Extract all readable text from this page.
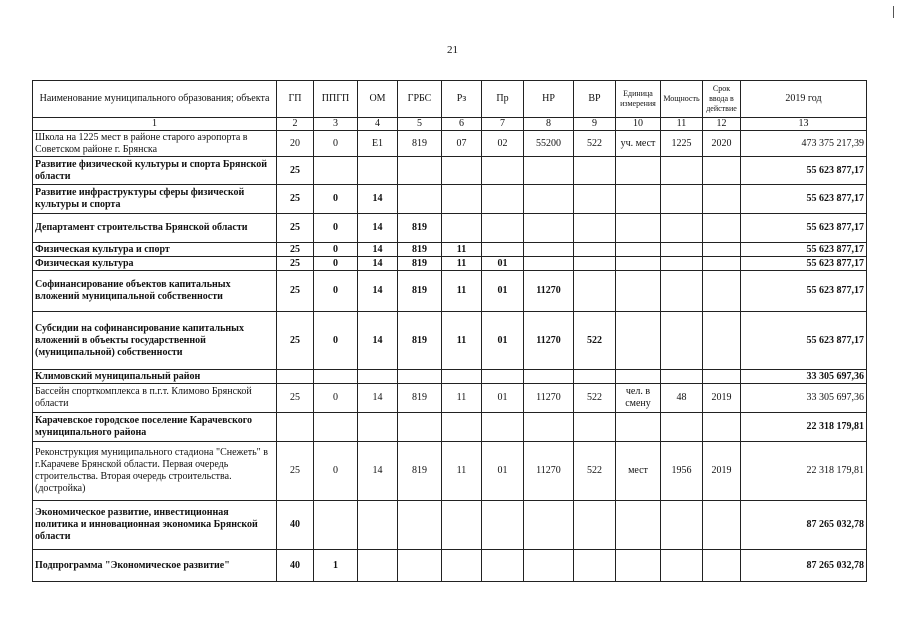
21
Наименование муниципального образования; объекта	ГП	ППГП	ОМ	ГРБС	Рз	Пр	НР	ВР	Единица измерения	Мощность	Срок ввода в действие	2019 год
1	2	3	4	5	6	7	8	9	10	11	12	13
Школа на 1225 мест в районе старого аэропорта в Советском районе г. Брянска	20	0	Е1	819	07	02	55200	522	уч. мест	1225	2020	473 375 217,39
Развитие физической культуры и спорта Брянской области	25											55 623 877,17
Развитие инфраструктуры сферы физической культуры и спорта	25	0	14									55 623 877,17
Департамент строительства Брянской области	25	0	14	819								55 623 877,17
Физическая культура и спорт	25	0	14	819	11							55 623 877,17
Физическая культура	25	0	14	819	11	01						55 623 877,17
Софинансирование объектов капитальных вложений муниципальной собственности	25	0	14	819	11	01	11270					55 623 877,17
Субсидии на софинансирование капитальных вложений в объекты государственной (муниципальной) собственности	25	0	14	819	11	01	11270	522				55 623 877,17
Климовский муниципальный район												33 305 697,36
Бассейн спорткомплекса в п.г.т. Климово Брянской области	25	0	14	819	11	01	11270	522	чел. в смену	48	2019	33 305 697,36
Карачевское городское поселение Карачевского муниципального района												22 318 179,81
Реконструкция муниципального стадиона "Снежеть" в г.Карачеве Брянской области. Первая очередь строительства. Вторая очередь строительства. (достройка)	25	0	14	819	11	01	11270	522	мест	1956	2019	22 318 179,81
Экономическое развитие, инвестиционная политика и инновационная экономика Брянской области	40											87 265 032,78
Подпрограмма "Экономическое развитие"	40	1										87 265 032,78
